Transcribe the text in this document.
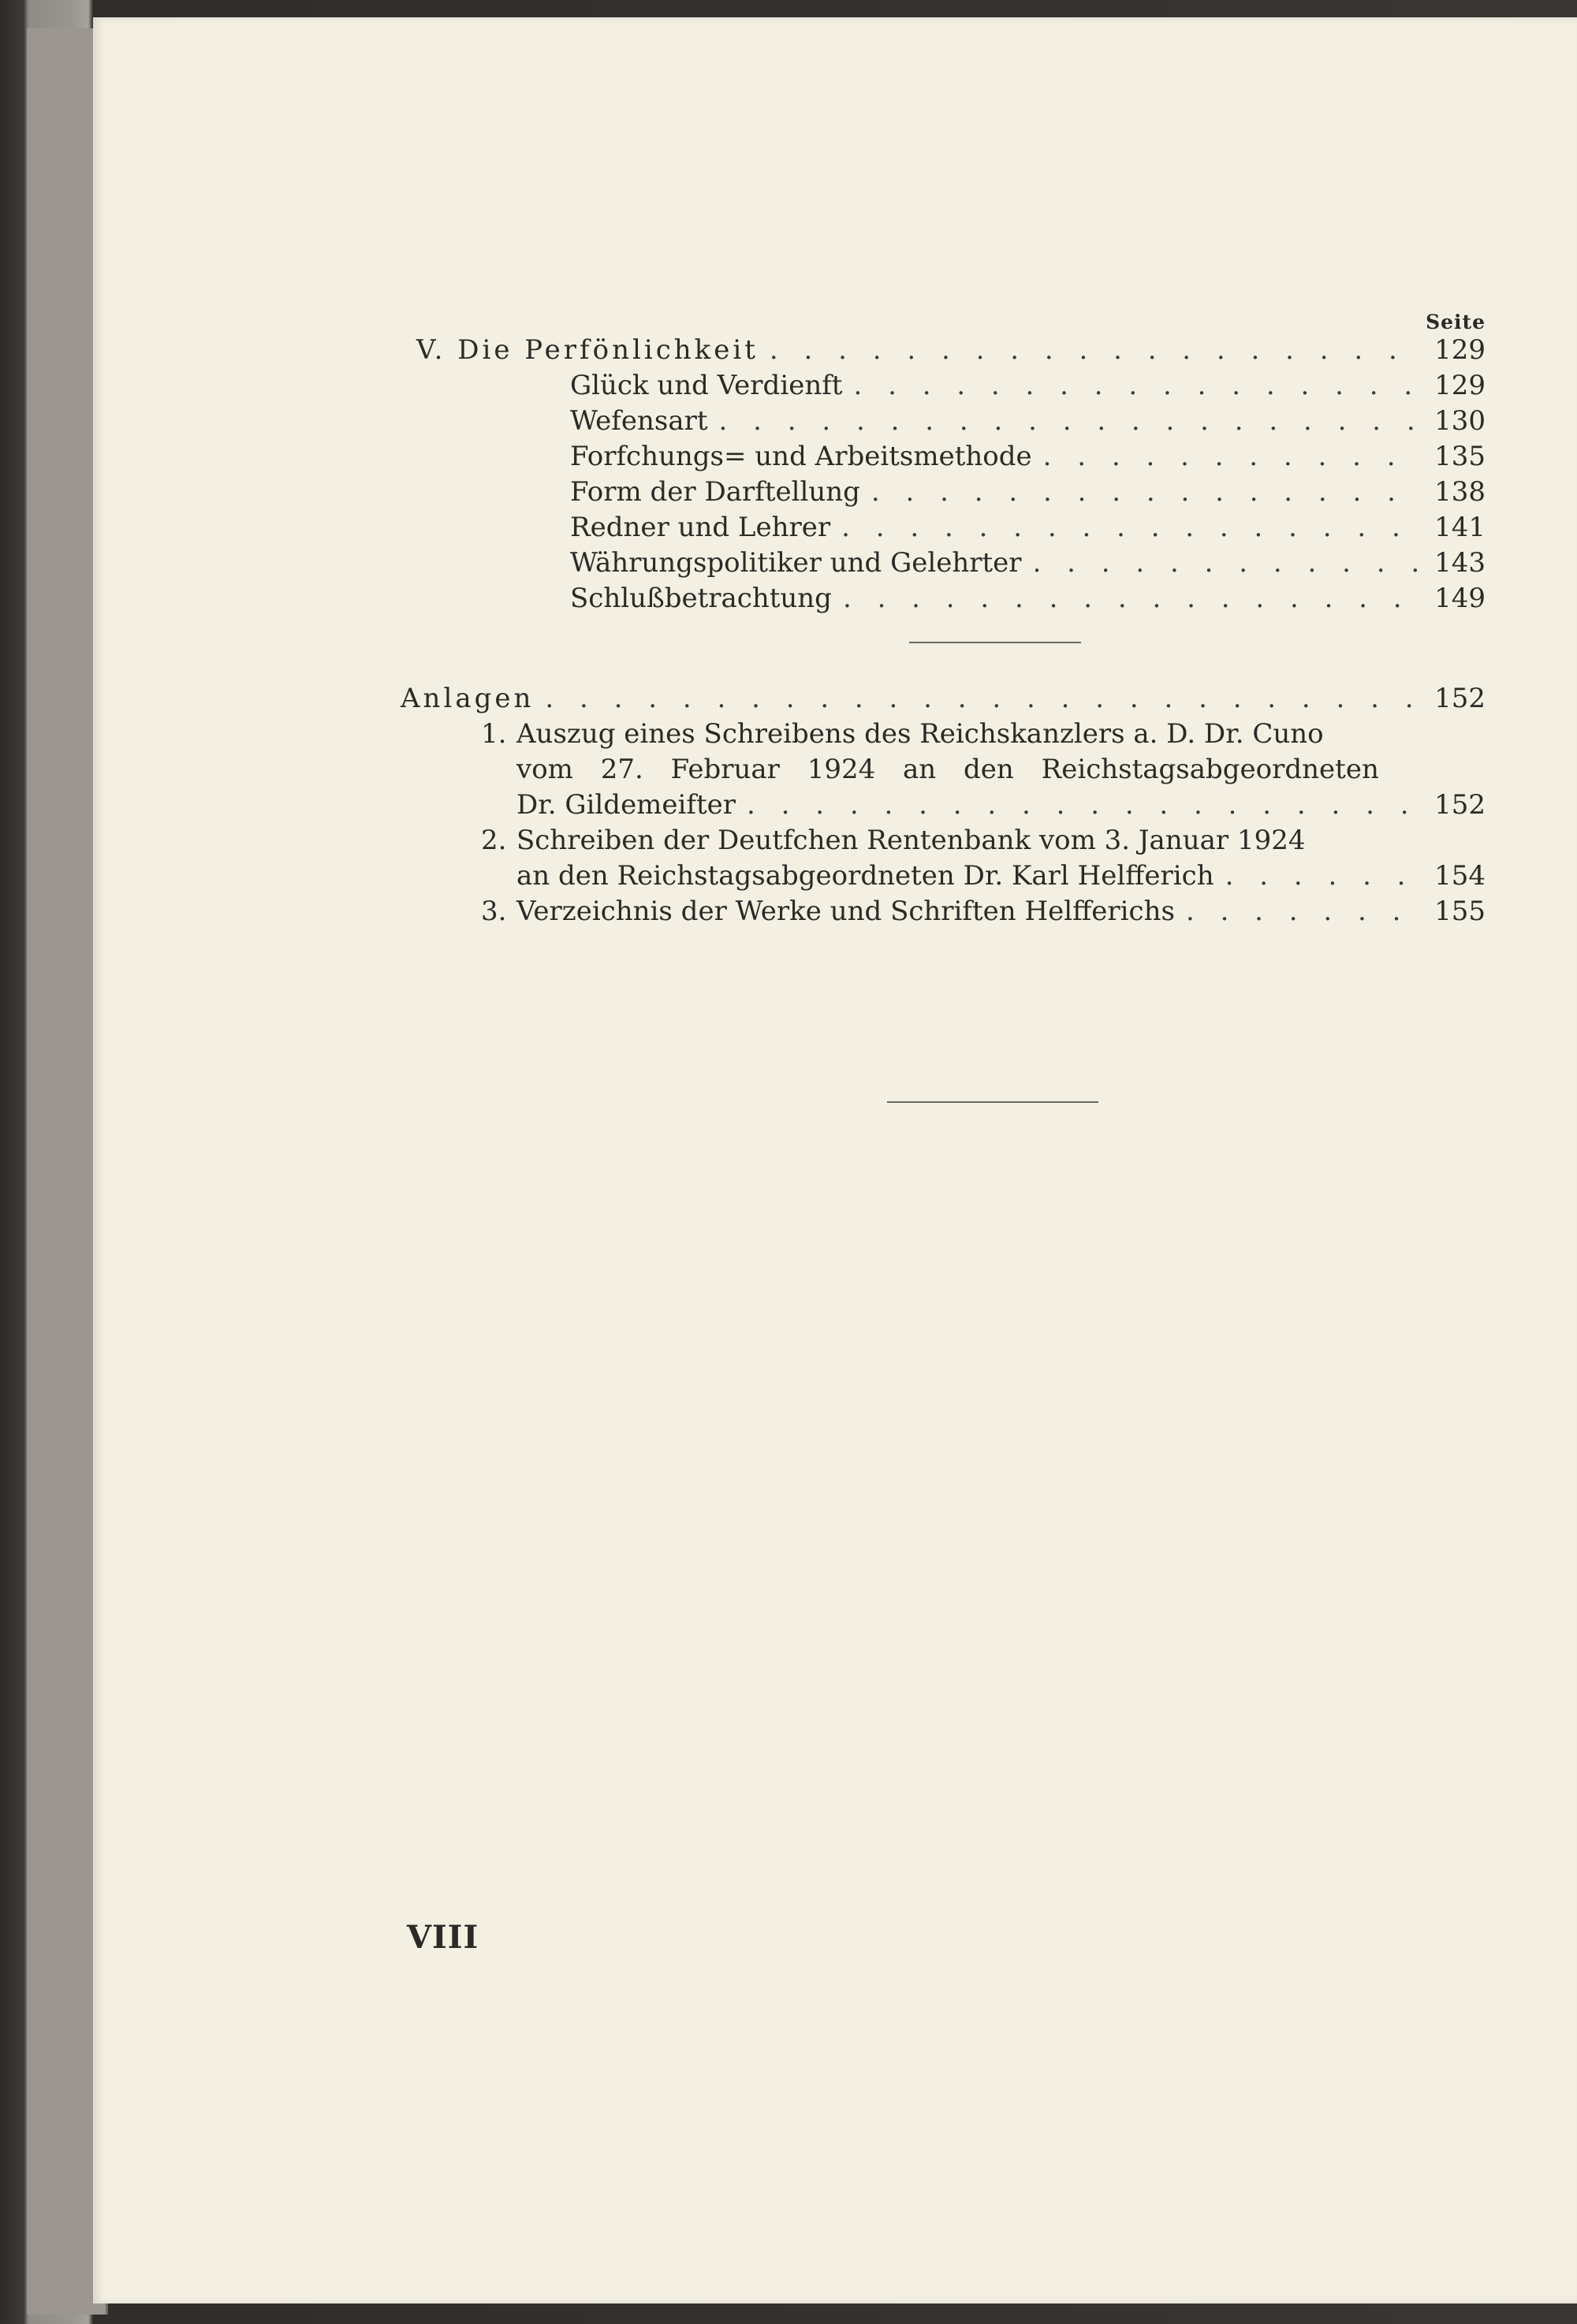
Seite
V. Die Perfönlichkeit . . .	129
Glück und Verdienft . . .	129
Wefensart . . .	130
Forfchungs= und Arbeitsmethode . . .	135
Form der Darftellung . . .	138
Redner und Lehrer . . .	141
Währungspolitiker und Gelehrter . . .	143
Schlußbetrachtung . . .	149
Anlagen . . .	152
1. Auszug eines Schreibens des Reichskanzlers a. D. Dr. Cuno
vom 27. Februar 1924 an den Reichstagsabgeordneten
Dr. Gildemeifter . . .	152
2. Schreiben der Deutfchen Rentenbank vom 3. Januar 1924
an den Reichstagsabgeordneten Dr. Karl Helfferich . . .	154
3. Verzeichnis der Werke und Schriften Helfferichs . . .	155
VIII
